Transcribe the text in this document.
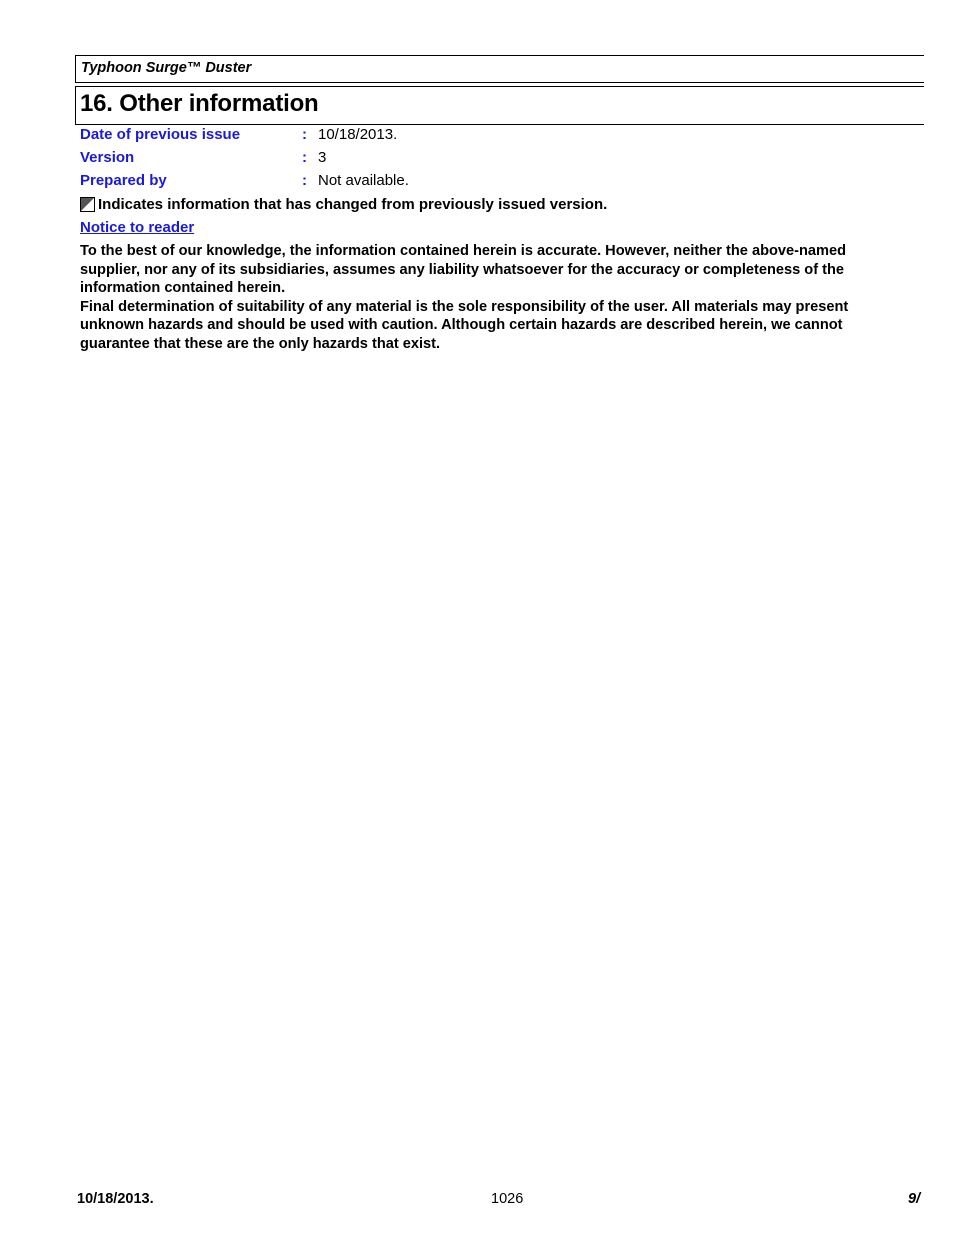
Typhoon Surge™ Duster
16. Other information
Date of previous issue	: 10/18/2013.
Version	: 3
Prepared by	: Not available.
Indicates information that has changed from previously issued version.
Notice to reader

To the best of our knowledge, the information contained herein is accurate. However, neither the above-named supplier, nor any of its subsidiaries, assumes any liability whatsoever for the accuracy or completeness of the information contained herein.

Final determination of suitability of any material is the sole responsibility of the user. All materials may present unknown hazards and should be used with caution. Although certain hazards are described herein, we cannot guarantee that these are the only hazards that exist.

10/18/2013.	1026	9/
